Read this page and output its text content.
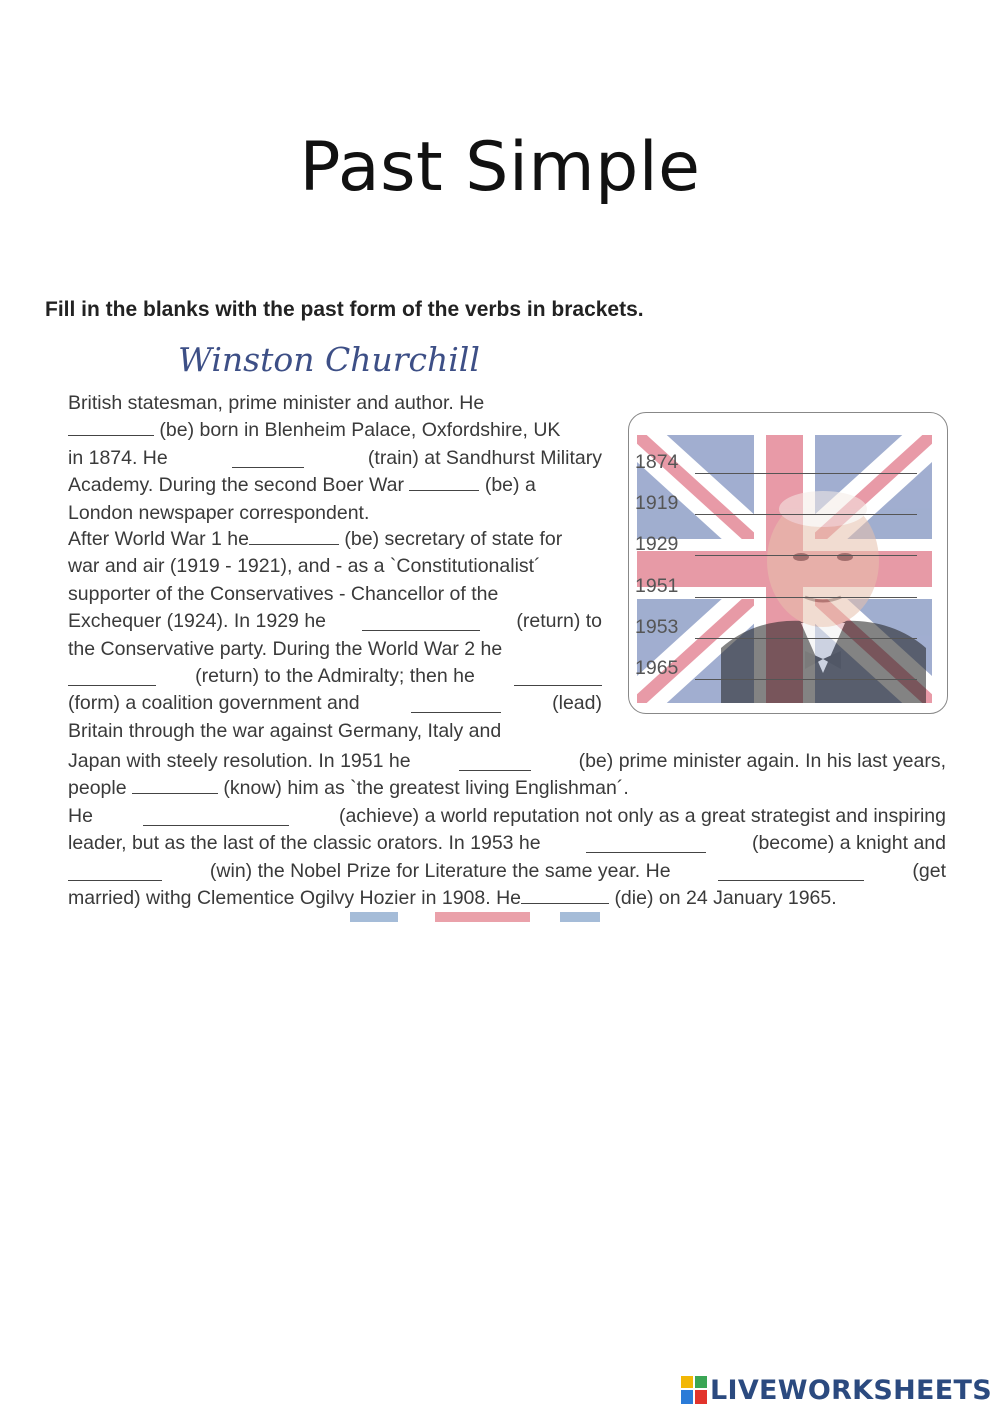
Past Simple
Fill in the blanks with the past form of the verbs in brackets.
Winston Churchill
British statesman, prime minister and author. He
(be) born in Blenheim Palace, Oxfordshire, UK
in 1874. He	(train) at Sandhurst Military
Academy. During the second Boer War	(be) a
London newspaper correspondent.
After World War 1 he	(be) secretary of state for
war and air (1919 - 1921), and - as a `Constitutionalist´
supporter of the Conservatives - Chancellor of the
Exchequer (1924). In 1929 he	(return) to
the Conservative party. During the World War 2 he
(return) to the Admiralty; then he
(form) a coalition government and	(lead)
Britain through the war against Germany, Italy and
Japan with steely resolution. In 1951 he	(be) prime minister again. In his last years,
people	(know) him as `the greatest living Englishman´.
He	(achieve) a world reputation not only as a great strategist and inspiring
leader, but as the last of the classic orators. In 1953 he	(become) a knight and
(win) the Nobel Prize for Literature the same year. He	(get
married) withg Clementice Ogilvy Hozier in 1908. He	(die) on 24 January 1965.
1874
1919
1929
1951
1953
1965
LIVEWORKSHEETS
